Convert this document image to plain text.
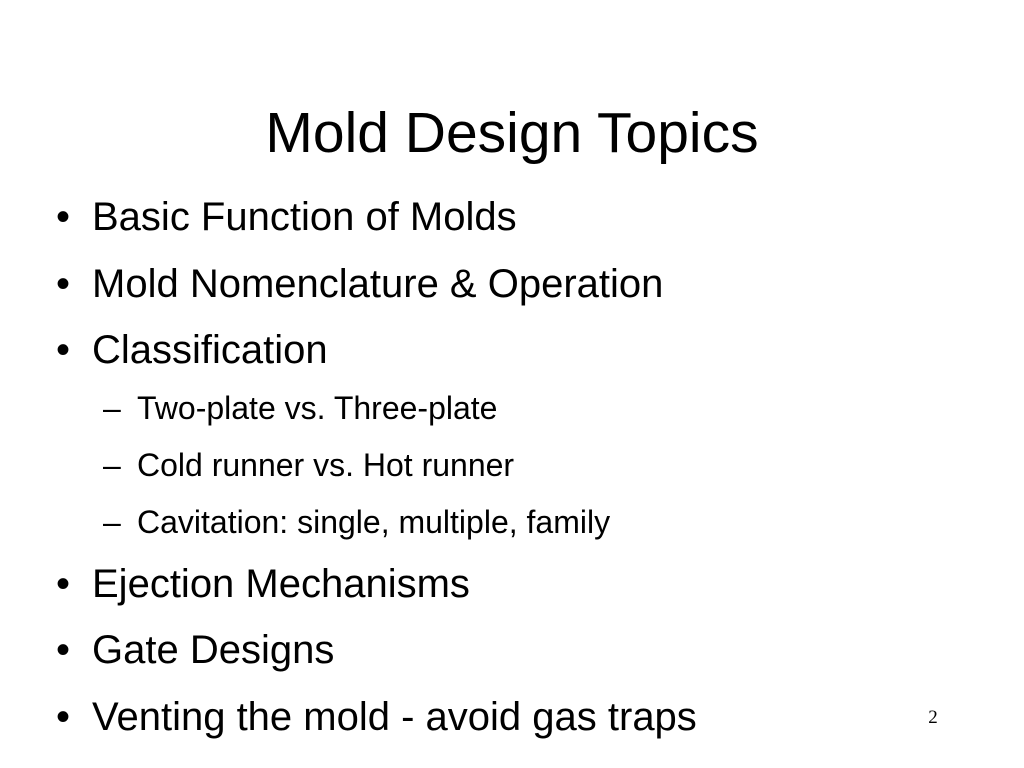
Mold Design Topics
• Basic Function of Molds
• Mold Nomenclature & Operation
• Classification
– Two-plate vs. Three-plate
– Cold runner vs. Hot runner
– Cavitation: single, multiple, family
• Ejection Mechanisms
• Gate Designs
• Venting the mold - avoid gas traps	2
